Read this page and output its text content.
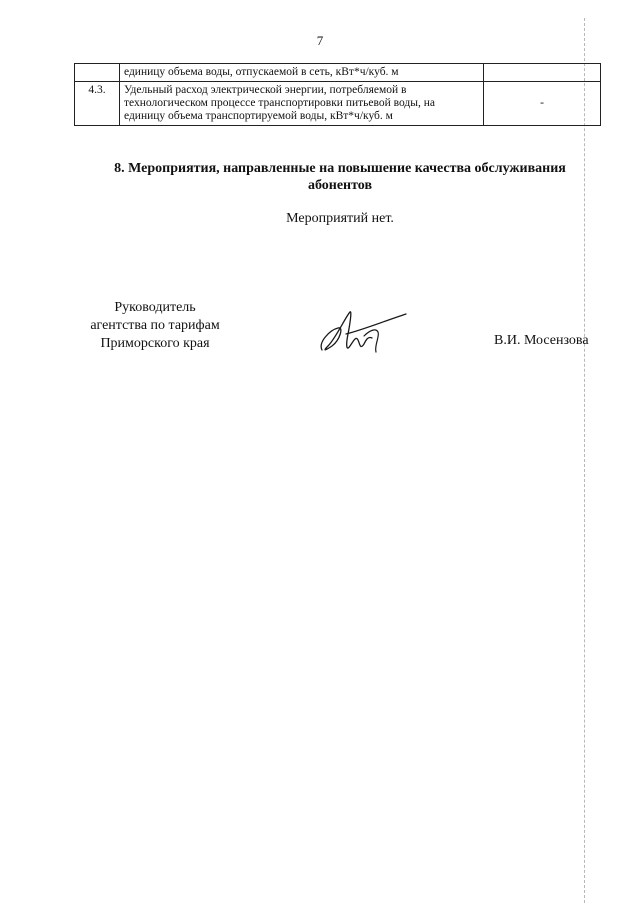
7
	единицу объема воды, отпускаемой в сеть, кВт*ч/куб. м	
4.3.	Удельный расход электрической энергии, потребляемой в технологическом процессе транспортировки питьевой воды, на единицу объема транспортируемой воды, кВт*ч/куб. м	-
8. Мероприятия, направленные на повышение качества обслуживания абонентов
Мероприятий нет.
Руководитель
агентства по тарифам
Приморского края	В.И. Мосензова
